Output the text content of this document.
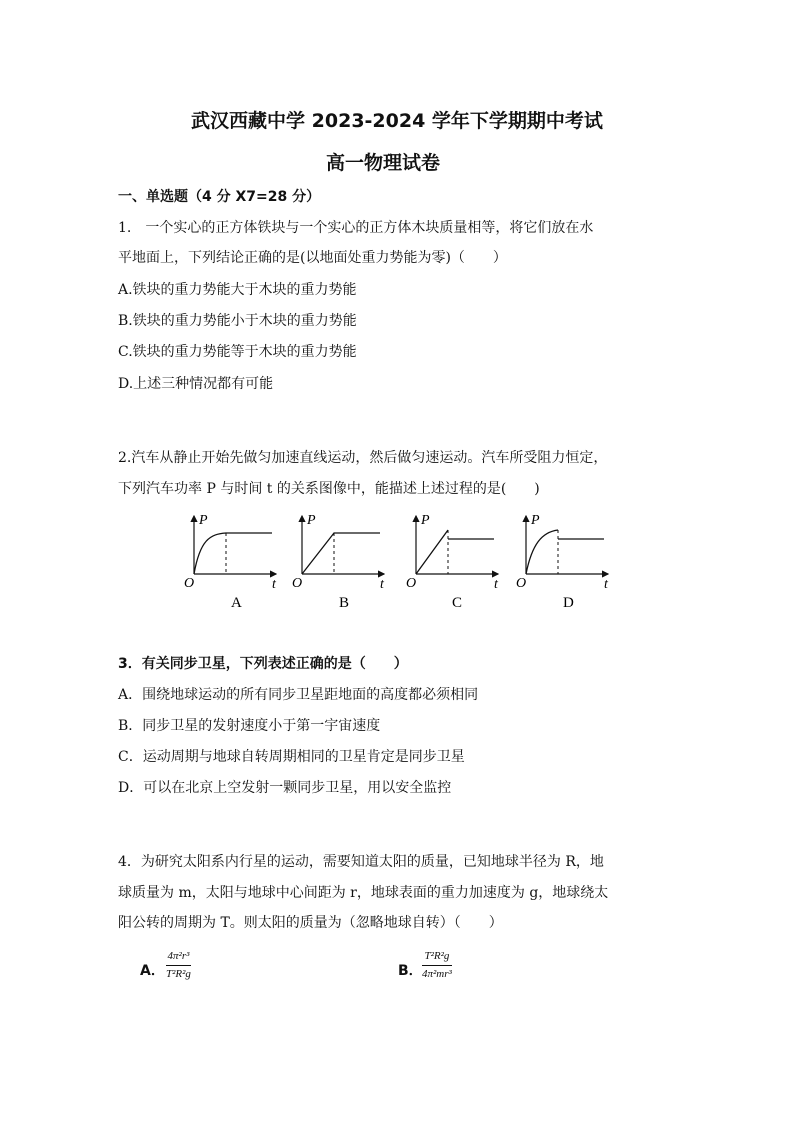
武汉西藏中学 2023-2024 学年下学期期中考试
高一物理试卷
一、单选题（4 分 X7=28 分）
1.　一个实心的正方体铁块与一个实心的正方体木块质量相等，将它们放在水
平地面上，下列结论正确的是(以地面处重力势能为零)（　　）
A.铁块的重力势能大于木块的重力势能
B.铁块的重力势能小于木块的重力势能
C.铁块的重力势能等于木块的重力势能
D.上述三种情况都有可能
2.汽车从静止开始先做匀加速直线运动，然后做匀速运动。汽车所受阻力恒定，
下列汽车功率 P 与时间 t 的关系图像中，能描述上述过程的是(　　)
P
t
O
A
P
t
O
B
P
t
O
C
P
t
O
D
3．有关同步卫星，下列表述正确的是（　　）
A．围绕地球运动的所有同步卫星距地面的高度都必须相同
B．同步卫星的发射速度小于第一宇宙速度
C．运动周期与地球自转周期相同的卫星肯定是同步卫星
D．可以在北京上空发射一颗同步卫星，用以安全监控
4．为研究太阳系内行星的运动，需要知道太阳的质量，已知地球半径为 R，地
球质量为 m，太阳与地球中心间距为 r，地球表面的重力加速度为 g，地球绕太
阳公转的周期为 T。则太阳的质量为（忽略地球自转）（　　）
A．
4π²r³
T²R²g	B．
T²R²g
4π²mr³
